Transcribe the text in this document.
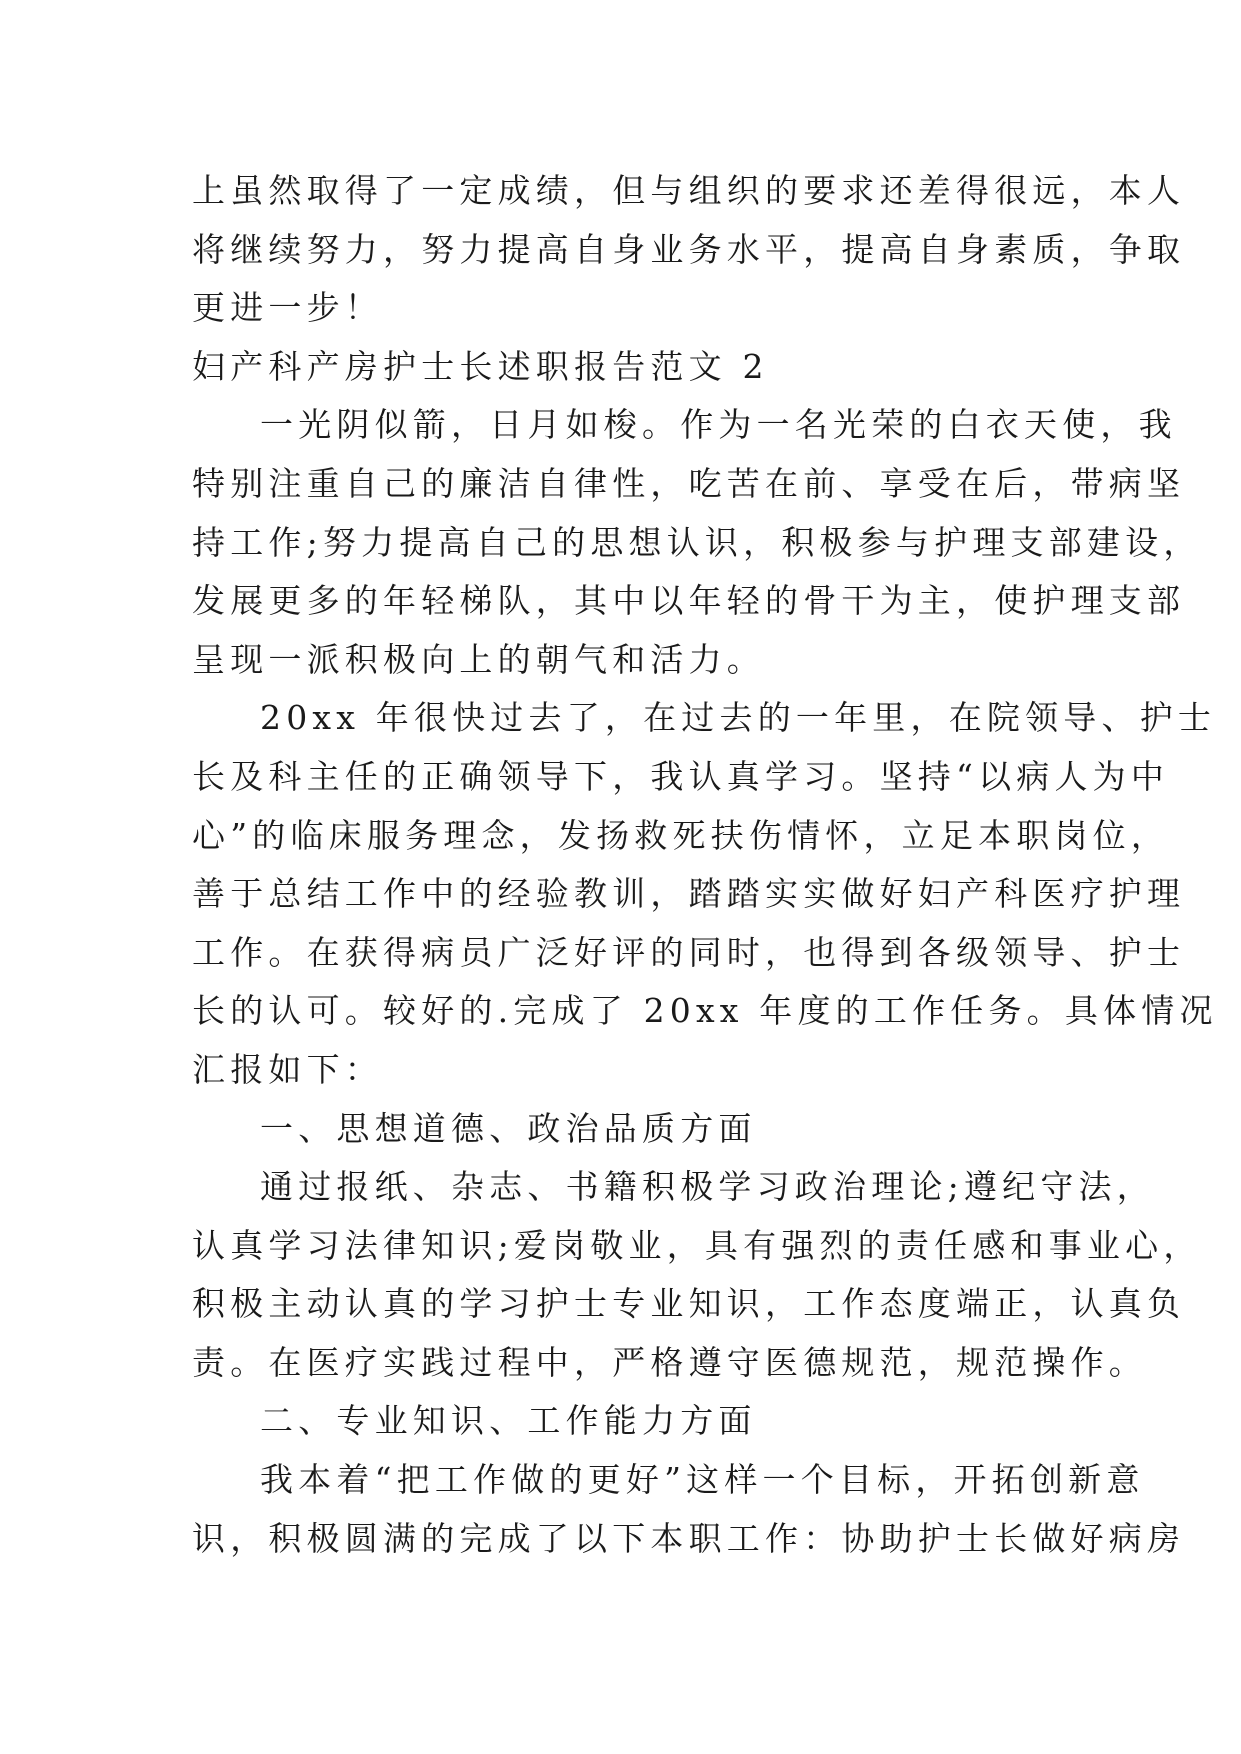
上虽然取得了一定成绩，但与组织的要求还差得很远，本人
将继续努力，努力提高自身业务水平，提高自身素质，争取
更进一步！
妇产科产房护士长述职报告范文 2
一光阴似箭，日月如梭。作为一名光荣的白衣天使，我
特别注重自己的廉洁自律性，吃苦在前、享受在后，带病坚
持工作;努力提高自己的思想认识，积极参与护理支部建设，
发展更多的年轻梯队，其中以年轻的骨干为主，使护理支部
呈现一派积极向上的朝气和活力。
20xx 年很快过去了，在过去的一年里，在院领导、护士
长及科主任的正确领导下，我认真学习。坚持“以病人为中
心”的临床服务理念，发扬救死扶伤情怀，立足本职岗位，
善于总结工作中的经验教训，踏踏实实做好妇产科医疗护理
工作。在获得病员广泛好评的同时，也得到各级领导、护士
长的认可。较好的.完成了 20xx 年度的工作任务。具体情况
汇报如下：
一、思想道德、政治品质方面
通过报纸、杂志、书籍积极学习政治理论;遵纪守法，
认真学习法律知识;爱岗敬业，具有强烈的责任感和事业心，
积极主动认真的学习护士专业知识，工作态度端正，认真负
责。在医疗实践过程中，严格遵守医德规范，规范操作。
二、专业知识、工作能力方面
我本着“把工作做的更好”这样一个目标，开拓创新意
识，积极圆满的完成了以下本职工作：协助护士长做好病房
